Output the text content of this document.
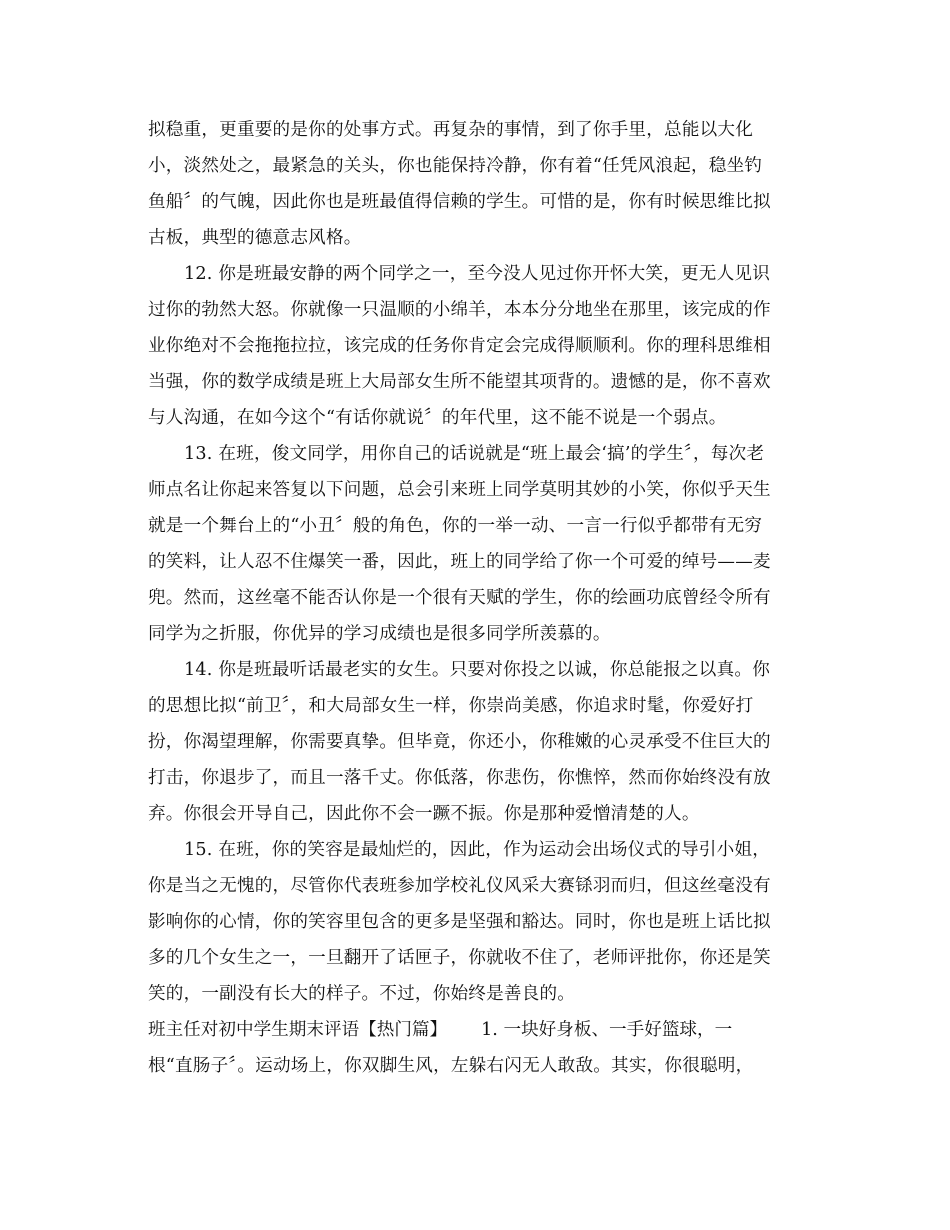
拟稳重，更重要的是你的处事方式。再复杂的事情，到了你手里，总能以大化
小，淡然处之，最紧急的关头，你也能保持冷静，你有着“任凭风浪起，稳坐钓
鱼船〞的气魄，因此你也是班最值得信赖的学生。可惜的是，你有时候思维比拟
古板，典型的德意志风格。
12. 你是班最安静的两个同学之一，至今没人见过你开怀大笑，更无人见识
过你的勃然大怒。你就像一只温顺的小绵羊，本本分分地坐在那里，该完成的作
业你绝对不会拖拖拉拉，该完成的任务你肯定会完成得顺顺利。你的理科思维相
当强，你的数学成绩是班上大局部女生所不能望其项背的。遗憾的是，你不喜欢
与人沟通，在如今这个“有话你就说〞的年代里，这不能不说是一个弱点。
13. 在班，俊文同学，用你自己的话说就是“班上最会‘搞’的学生〞，每次老
师点名让你起来答复以下问题，总会引来班上同学莫明其妙的小笑，你似乎天生
就是一个舞台上的“小丑〞般的角色，你的一举一动、一言一行似乎都带有无穷
的笑料，让人忍不住爆笑一番，因此，班上的同学给了你一个可爱的绰号——麦
兜。然而，这丝毫不能否认你是一个很有天赋的学生，你的绘画功底曾经令所有
同学为之折服，你优异的学习成绩也是很多同学所羡慕的。
14. 你是班最听话最老实的女生。只要对你投之以诚，你总能报之以真。你
的思想比拟“前卫〞，和大局部女生一样，你崇尚美感，你追求时髦，你爱好打
扮，你渴望理解，你需要真挚。但毕竟，你还小，你稚嫩的心灵承受不住巨大的
打击，你退步了，而且一落千丈。你低落，你悲伤，你憔悴，然而你始终没有放
弃。你很会开导自己，因此你不会一蹶不振。你是那种爱憎清楚的人。
15. 在班，你的笑容是最灿烂的，因此，作为运动会出场仪式的导引小姐，
你是当之无愧的，尽管你代表班参加学校礼仪风采大赛铩羽而归，但这丝毫没有
影响你的心情，你的笑容里包含的更多是坚强和豁达。同时，你也是班上话比拟
多的几个女生之一，一旦翻开了话匣子，你就收不住了，老师评批你，你还是笑
笑的，一副没有长大的样子。不过，你始终是善良的。
班主任对初中学生期末评语【热门篇】 1. 一块好身板、一手好篮球，一
根“直肠子〞。运动场上，你双脚生风，左躲右闪无人敢敌。其实，你很聪明，
